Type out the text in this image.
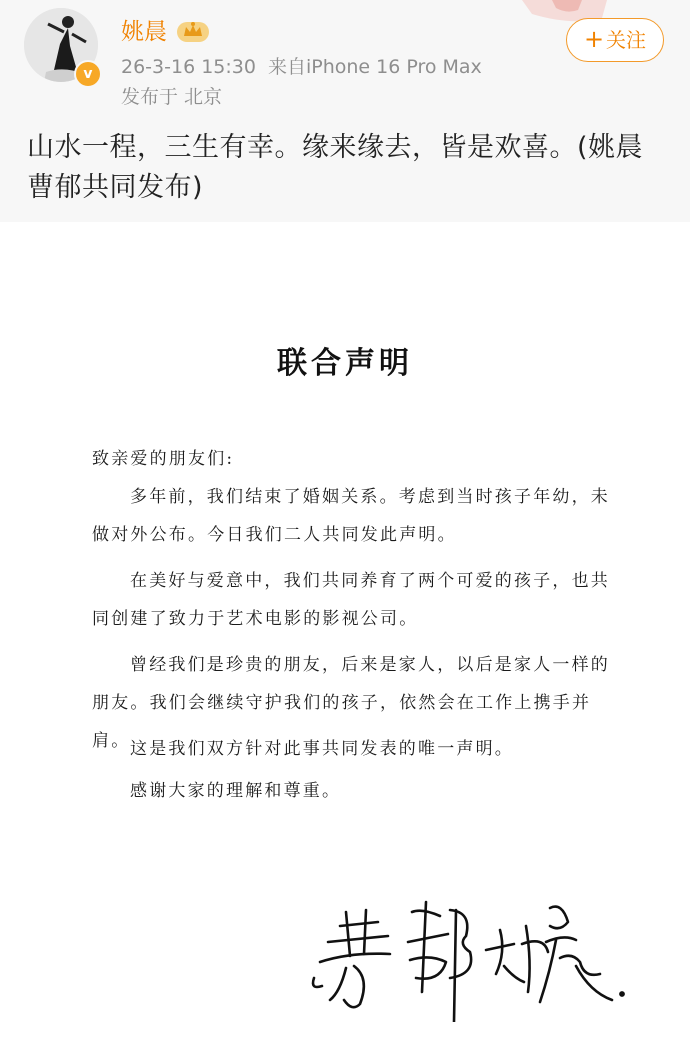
v
姚晨
26-3-16 15:30 来自iPhone 16 Pro Max
发布于 北京
+ 关注
山水一程，三生有幸。缘来缘去，皆是欢喜。(姚晨曹郁共同发布)
联合声明
致亲爱的朋友们:
多年前，我们结束了婚姻关系。考虑到当时孩子年幼，未做对外公布。今日我们二人共同发此声明。
在美好与爱意中，我们共同养育了两个可爱的孩子，也共同创建了致力于艺术电影的影视公司。
曾经我们是珍贵的朋友，后来是家人，以后是家人一样的朋友。我们会继续守护我们的孩子，依然会在工作上携手并肩。 这是我们双方针对此事共同发表的唯一声明。
感谢大家的理解和尊重。
